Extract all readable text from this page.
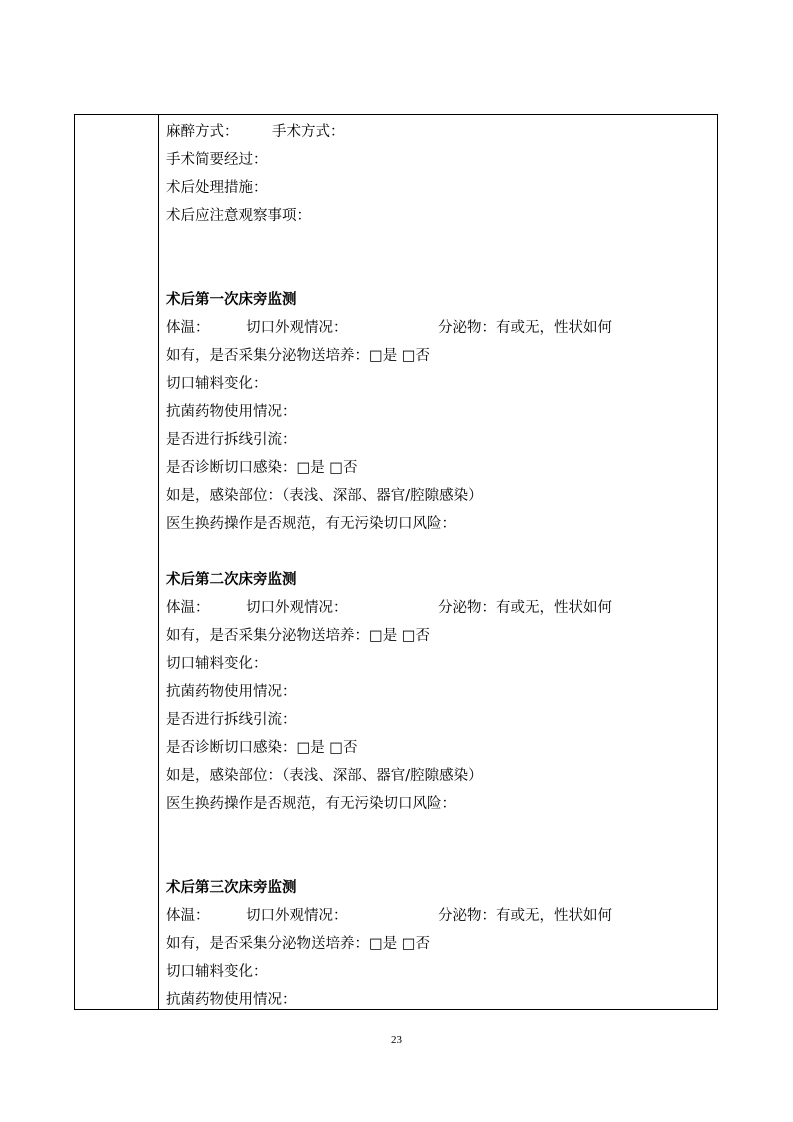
麻醉方式： 手术方式：
手术简要经过：
术后处理措施：
术后应注意观察事项：
术后第一次床旁监测
体温：	切口外观情况：	分泌物：有或无，性状如何
如有，是否采集分泌物送培养：□是 □否
切口辅料变化：
抗菌药物使用情况：
是否进行拆线引流：
是否诊断切口感染：□是 □否
如是，感染部位：（表浅、深部、器官/腔隙感染）
医生换药操作是否规范，有无污染切口风险：
术后第二次床旁监测
体温：	切口外观情况：	分泌物：有或无，性状如何
如有，是否采集分泌物送培养：□是 □否
切口辅料变化：
抗菌药物使用情况：
是否进行拆线引流：
是否诊断切口感染：□是 □否
如是，感染部位：（表浅、深部、器官/腔隙感染）
医生换药操作是否规范，有无污染切口风险：
术后第三次床旁监测
体温：	切口外观情况：	分泌物：有或无，性状如何
如有，是否采集分泌物送培养：□是 □否
切口辅料变化：
抗菌药物使用情况：
23
